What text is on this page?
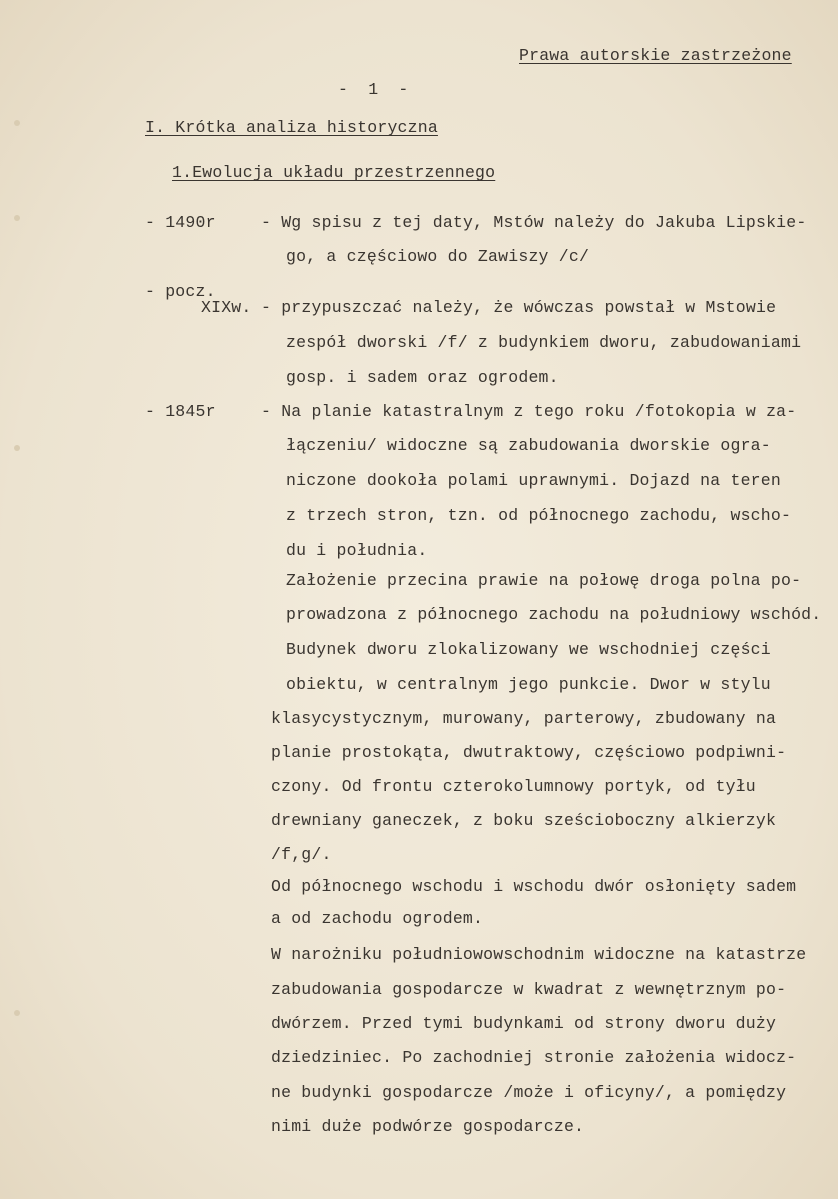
Prawa autorskie zastrzeżone
- 1 -
I. Krótka analiza historyczna
1.Ewolucja układu przestrzennego
- 1490r	- Wg spisu z tej daty, Mstów należy do Jakuba Lipskie-
go, a częściowo do Zawiszy /c/
- pocz.
XIXw. - przypuszczać należy, że wówczas powstał w Mstowie
zespół dworski /f/ z budynkiem dworu, zabudowaniami
gosp. i sadem oraz ogrodem.
- 1845r	- Na planie katastralnym z tego roku /fotokopia w za-
łączeniu/ widoczne są zabudowania dworskie ogra-
niczone dookoła polami uprawnymi. Dojazd na teren
z trzech stron, tzn. od północnego zachodu, wscho-
du i południa.
Założenie przecina prawie na połowę droga polna po-
prowadzona z północnego zachodu na południowy wschód.
Budynek dworu zlokalizowany we wschodniej części
obiektu, w centralnym jego punkcie. Dwor w stylu
klasycystycznym, murowany, parterowy, zbudowany na
planie prostokąta, dwutraktowy, częściowo podpiwni-
czony. Od frontu czterokolumnowy portyk, od tyłu
drewniany ganeczek, z boku sześcioboczny alkierzyk
/f,g/.
Od północnego wschodu i wschodu dwór osłonięty sadem
a od zachodu ogrodem.
W narożniku południowowschodnim widoczne na katastrze
zabudowania gospodarcze w kwadrat z wewnętrznym po-
dwórzem. Przed tymi budynkami od strony dworu duży
dziedziniec. Po zachodniej stronie założenia widocz-
ne budynki gospodarcze /może i oficyny/, a pomiędzy
nimi duże podwórze gospodarcze.
